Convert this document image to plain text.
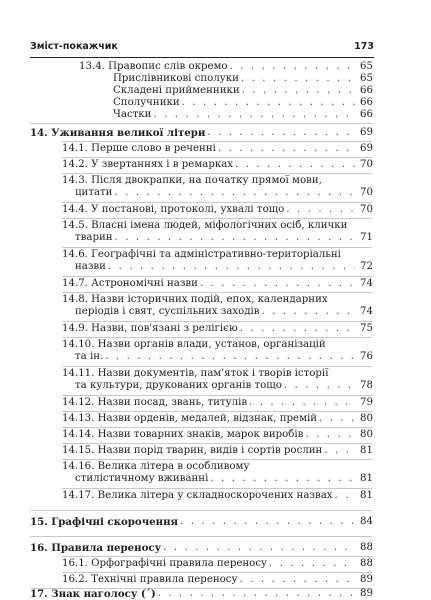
Зміст-покажчик	173
13.4. Правопис слів окремо . . .	65
Прислівникові сполуки . . .	65
Складені прийменники . . .	66
Сполучники . . .	66
Частки . . .	66
14. Уживання великої літери . . .	69
14.1. Перше слово в реченні . . .	69
14.2. У звертаннях і в ремарках . . .	70
14.3. Після двокрапки, на початку прямої мови,
цитати . . .	70
14.4. У постанові, протоколі, ухвалі тощо . . .	70
14.5. Власні імена людей, міфологічних осіб, клички
тварин . . .	71
14.6. Географічні та адміністративно-територіальні
назви . . .	72
14.7. Астрономічні назви . . .	74
14.8. Назви історичних подій, епох, календарних
періодів і свят, суспільних заходів . . .	74
14.9. Назви, пов'язані з релігією . . .	75
14.10. Назви органів влади, установ, організацій
та ін. . . .	76
14.11. Назви документів, пам'яток і творів історії
та культури, друкованих органів тощо . . .	78
14.12. Назви посад, звань, титулів . . .	79
14.13. Назви орденів, медалей, відзнак, премій . . .	80
14.14. Назви товарних знаків, марок виробів . . .	80
14.15. Назви порід тварин, видів і сортів рослин . . .	81
14.16. Велика літера в особливому
стилістичному вживанні . . .	81
14.17. Велика літера у складноскорочених назвах . . .	81
15. Графічні скорочення . . .	84
16. Правила переносу . . .	88
16.1. Орфографічні правила переносу . . .	88
16.2. Технічні правила переносу . . .	89
17. Знак наголосу (´) . . .	89
